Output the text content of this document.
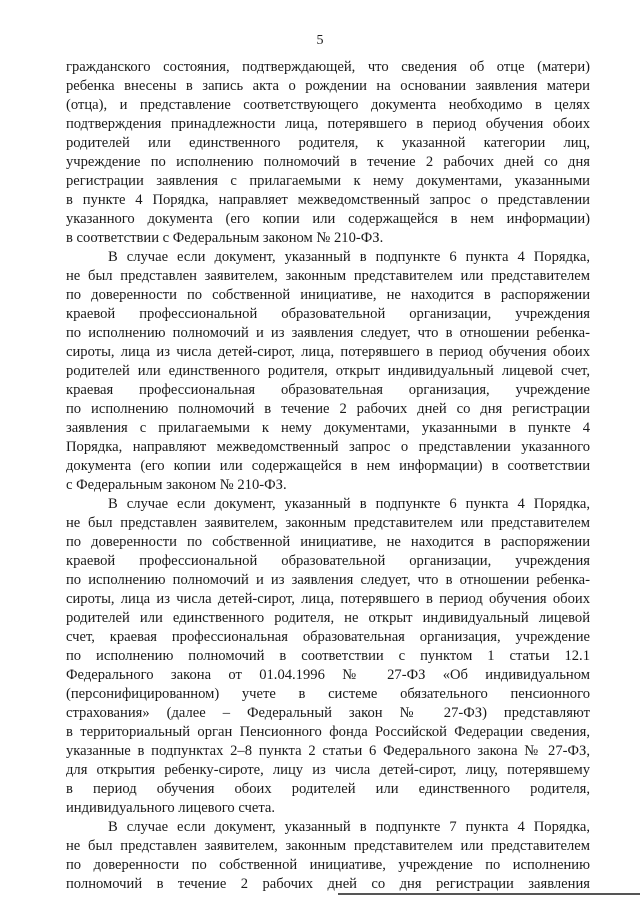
5
гражданского состояния, подтверждающей, что сведения об отце (матери)
ребенка внесены в запись акта о рождении на основании заявления матери
(отца), и представление соответствующего документа необходимо в целях
подтверждения принадлежности лица, потерявшего в период обучения обоих
родителей или единственного родителя, к указанной категории лиц,
учреждение по исполнению полномочий в течение 2 рабочих дней со дня
регистрации заявления с прилагаемыми к нему документами, указанными
в пункте 4 Порядка, направляет межведомственный запрос о представлении
указанного документа (его копии или содержащейся в нем информации)
в соответствии с Федеральным законом № 210-ФЗ.
В случае если документ, указанный в подпункте 6 пункта 4 Порядка,
не был представлен заявителем, законным представителем или представителем
по доверенности по собственной инициативе, не находится в распоряжении
краевой профессиональной образовательной организации, учреждения
по исполнению полномочий и из заявления следует, что в отношении ребенка-
сироты, лица из числа детей-сирот, лица, потерявшего в период обучения обоих
родителей или единственного родителя, открыт индивидуальный лицевой счет,
краевая профессиональная образовательная организация, учреждение
по исполнению полномочий в течение 2 рабочих дней со дня регистрации
заявления с прилагаемыми к нему документами, указанными в пункте 4
Порядка, направляют межведомственный запрос о представлении указанного
документа (его копии или содержащейся в нем информации) в соответствии
с Федеральным законом № 210-ФЗ.
В случае если документ, указанный в подпункте 6 пункта 4 Порядка,
не был представлен заявителем, законным представителем или представителем
по доверенности по собственной инициативе, не находится в распоряжении
краевой профессиональной образовательной организации, учреждения
по исполнению полномочий и из заявления следует, что в отношении ребенка-
сироты, лица из числа детей-сирот, лица, потерявшего в период обучения обоих
родителей или единственного родителя, не открыт индивидуальный лицевой
счет, краевая профессиональная образовательная организация, учреждение
по исполнению полномочий в соответствии с пунктом 1 статьи 12.1
Федерального закона от 01.04.1996 № 27-ФЗ «Об индивидуальном
(персонифицированном) учете в системе обязательного пенсионного
страхования» (далее – Федеральный закон № 27-ФЗ) представляют
в территориальный орган Пенсионного фонда Российской Федерации сведения,
указанные в подпунктах 2–8 пункта 2 статьи 6 Федерального закона № 27-ФЗ,
для открытия ребенку-сироте, лицу из числа детей-сирот, лицу, потерявшему
в период обучения обоих родителей или единственного родителя,
индивидуального лицевого счета.
В случае если документ, указанный в подпункте 7 пункта 4 Порядка,
не был представлен заявителем, законным представителем или представителем
по доверенности по собственной инициативе, учреждение по исполнению
полномочий в течение 2 рабочих дней со дня регистрации заявления
